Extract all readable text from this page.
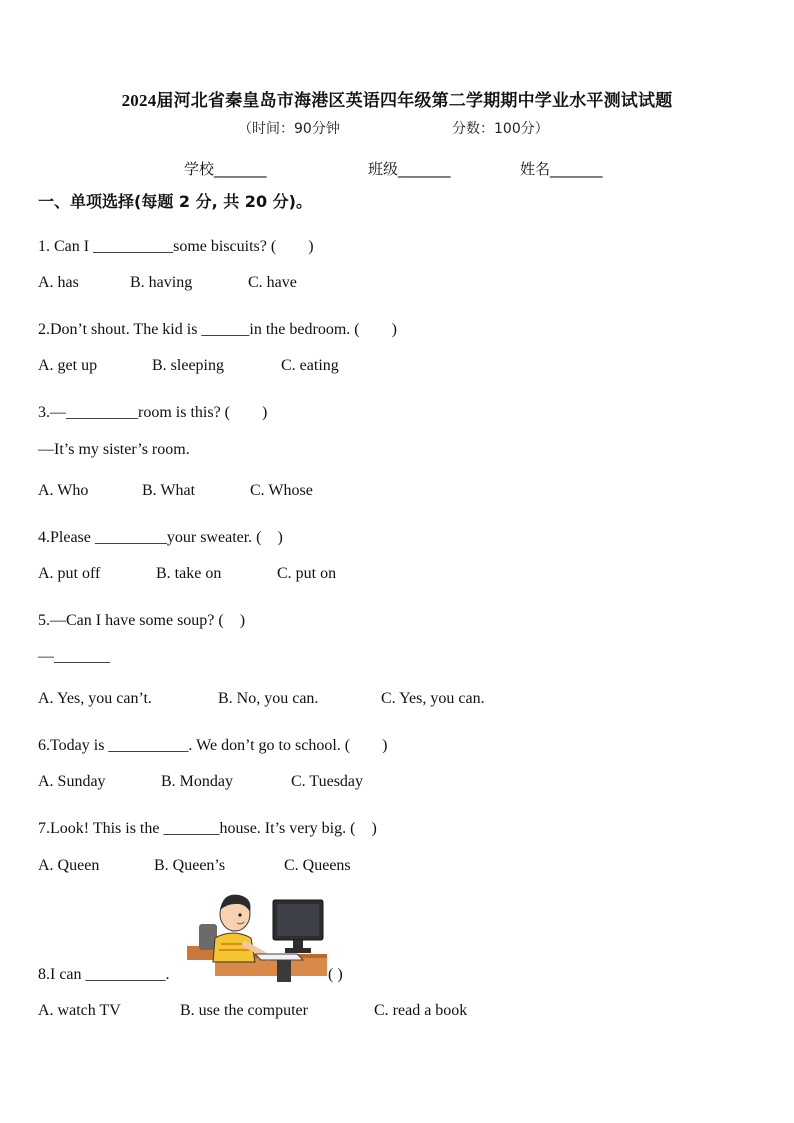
2024届河北省秦皇岛市海港区英语四年级第二学期期中学业水平测试试题
（时间：90分钟	分数：100分）
学校_______	班级_______	姓名_______
一、单项选择(每题 2 分, 共 20 分)。
1. Can I __________some biscuits? (　　)
A. has	B. having	C. have
2.Don’t shout. The kid is ______in the bedroom. (　　)
A. get up	B. sleeping	C. eating
3.—_________room is this? (　　)
—It’s my sister’s room.
A. Who	B. What	C. Whose
4.Please _________your sweater. (　)
A. put off	B. take on	C. put on
5.—Can I have some soup? (　)
—_______
A. Yes, you can’t.	B. No, you can.	C. Yes, you can.
6.Today is __________. We don’t go to school. (　　)
A. Sunday	B. Monday	C. Tuesday
7.Look! This is the _______house. It’s very big. (　)
A. Queen	B. Queen’s	C. Queens
8.I can __________.	( )
A. watch TV	B. use the computer	C. read a book
